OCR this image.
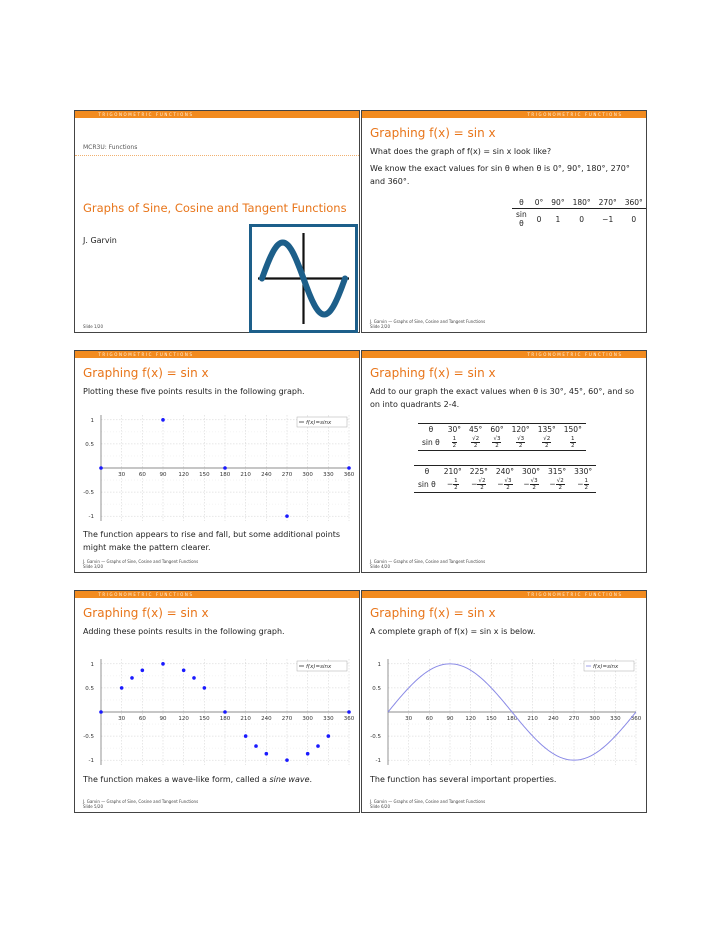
TRIGONOMETRIC FUNCTIONS
MCR3U: Functions
Graphs of Sine, Cosine and Tangent Functions
J. Garvin
Slide 1/20
TRIGONOMETRIC FUNCTIONS
Graphing f(x) = sin x
What does the graph of f(x) = sin x look like?
We know the exact values for sin θ when θ is 0°, 90°, 180°, 270° and 360°.
θ	0°	90°	180°	270°	360°
sin θ	0	1	0	−1	0
J. Garvin — Graphs of Sine, Cosine and Tangent Functions
Slide 2/20
TRIGONOMETRIC FUNCTIONS
Graphing f(x) = sin x
Plotting these five points results in the following graph.
30 60 90 120 150 180 210 240 270 300 330 360
1
0.5
-0.5
-1
f(x)=sinx
The function appears to rise and fall, but some additional points might make the pattern clearer.
J. Garvin — Graphs of Sine, Cosine and Tangent Functions
Slide 3/20
TRIGONOMETRIC FUNCTIONS
Graphing f(x) = sin x
Add to our graph the exact values when θ is 30°, 45°, 60°, and so on into quadrants 2-4.
θ	30°	45°	60°	120°	135°	150°
sin θ	$\frac{1}{2}$	$\frac{√2}{2}$	$\frac{√3}{2}$	$\frac{√3}{2}$	$\frac{√2}{2}$	$\frac{1}{2}$
θ	210°	225°	240°	300°	315°	330°
sin θ	− $\frac{1}{2}$	− $\frac{√2}{2}$	− $\frac{√3}{2}$	− $\frac{√3}{2}$	− $\frac{√2}{2}$	− $\frac{1}{2}$
J. Garvin — Graphs of Sine, Cosine and Tangent Functions
Slide 4/20
TRIGONOMETRIC FUNCTIONS
Graphing f(x) = sin x
Adding these points results in the following graph.
30 60 90 120 150 180 210 240 270 300 330 360
1
0.5
-0.5
-1
f(x)=sinx
The function makes a wave-like form, called a sine wave.
J. Garvin — Graphs of Sine, Cosine and Tangent Functions
Slide 5/20
TRIGONOMETRIC FUNCTIONS
Graphing f(x) = sin x
A complete graph of f(x) = sin x is below.
30 60 90 120 150 180 210 240 270 300 330 360
1
0.5
-0.5
-1
f(x)=sinx
The function has several important properties.
J. Garvin — Graphs of Sine, Cosine and Tangent Functions
Slide 6/20
